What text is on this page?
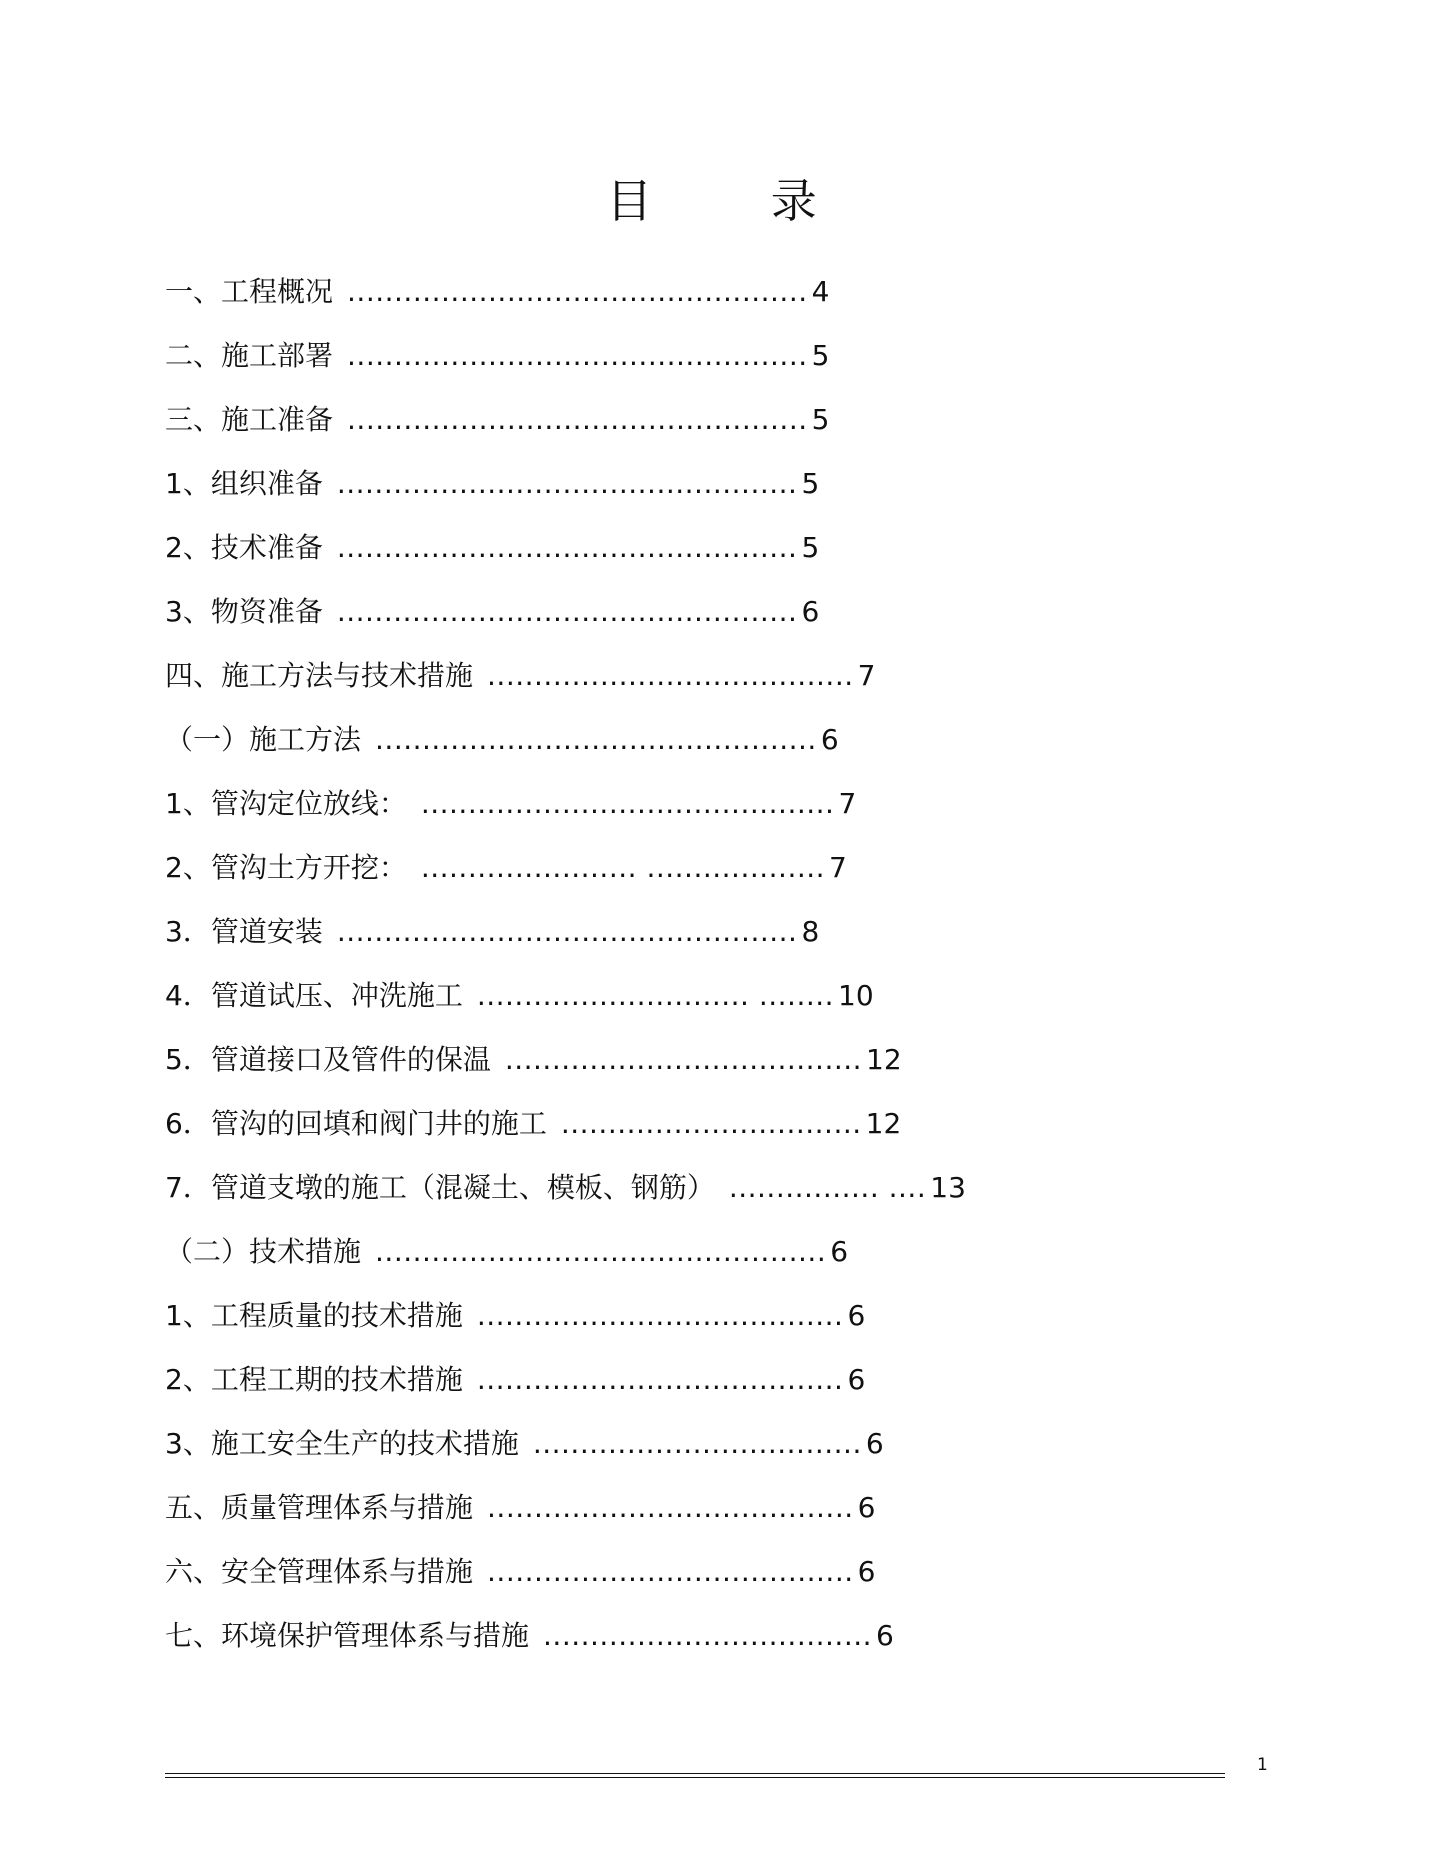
目 录
一、工程概况 ................................................. 4
二、施工部署 ................................................. 5
三、施工准备 ................................................. 5
1、组织准备 ................................................. 5
2、技术准备 ................................................. 5
3、物资准备 ................................................. 6
四、施工方法与技术措施 ....................................... 7
（一）施工方法 ............................................... 6
1、管沟定位放线： ............................................ 7
2、管沟土方开挖： ....................... ................... 7
3．管道安装 ................................................. 8
4．管道试压、冲洗施工 ............................. ........ 10
5．管道接口及管件的保温 ...................................... 12
6．管沟的回填和阀门井的施工 ................................ 12
7．管道支墩的施工（混凝土、模板、钢筋） ................ .... 13
（二）技术措施 ................................................ 6
1、工程质量的技术措施 ....................................... 6
2、工程工期的技术措施 ....................................... 6
3、施工安全生产的技术措施 ................................... 6
五、质量管理体系与措施 ....................................... 6
六、安全管理体系与措施 ....................................... 6
七、环境保护管理体系与措施 ................................... 6
1
